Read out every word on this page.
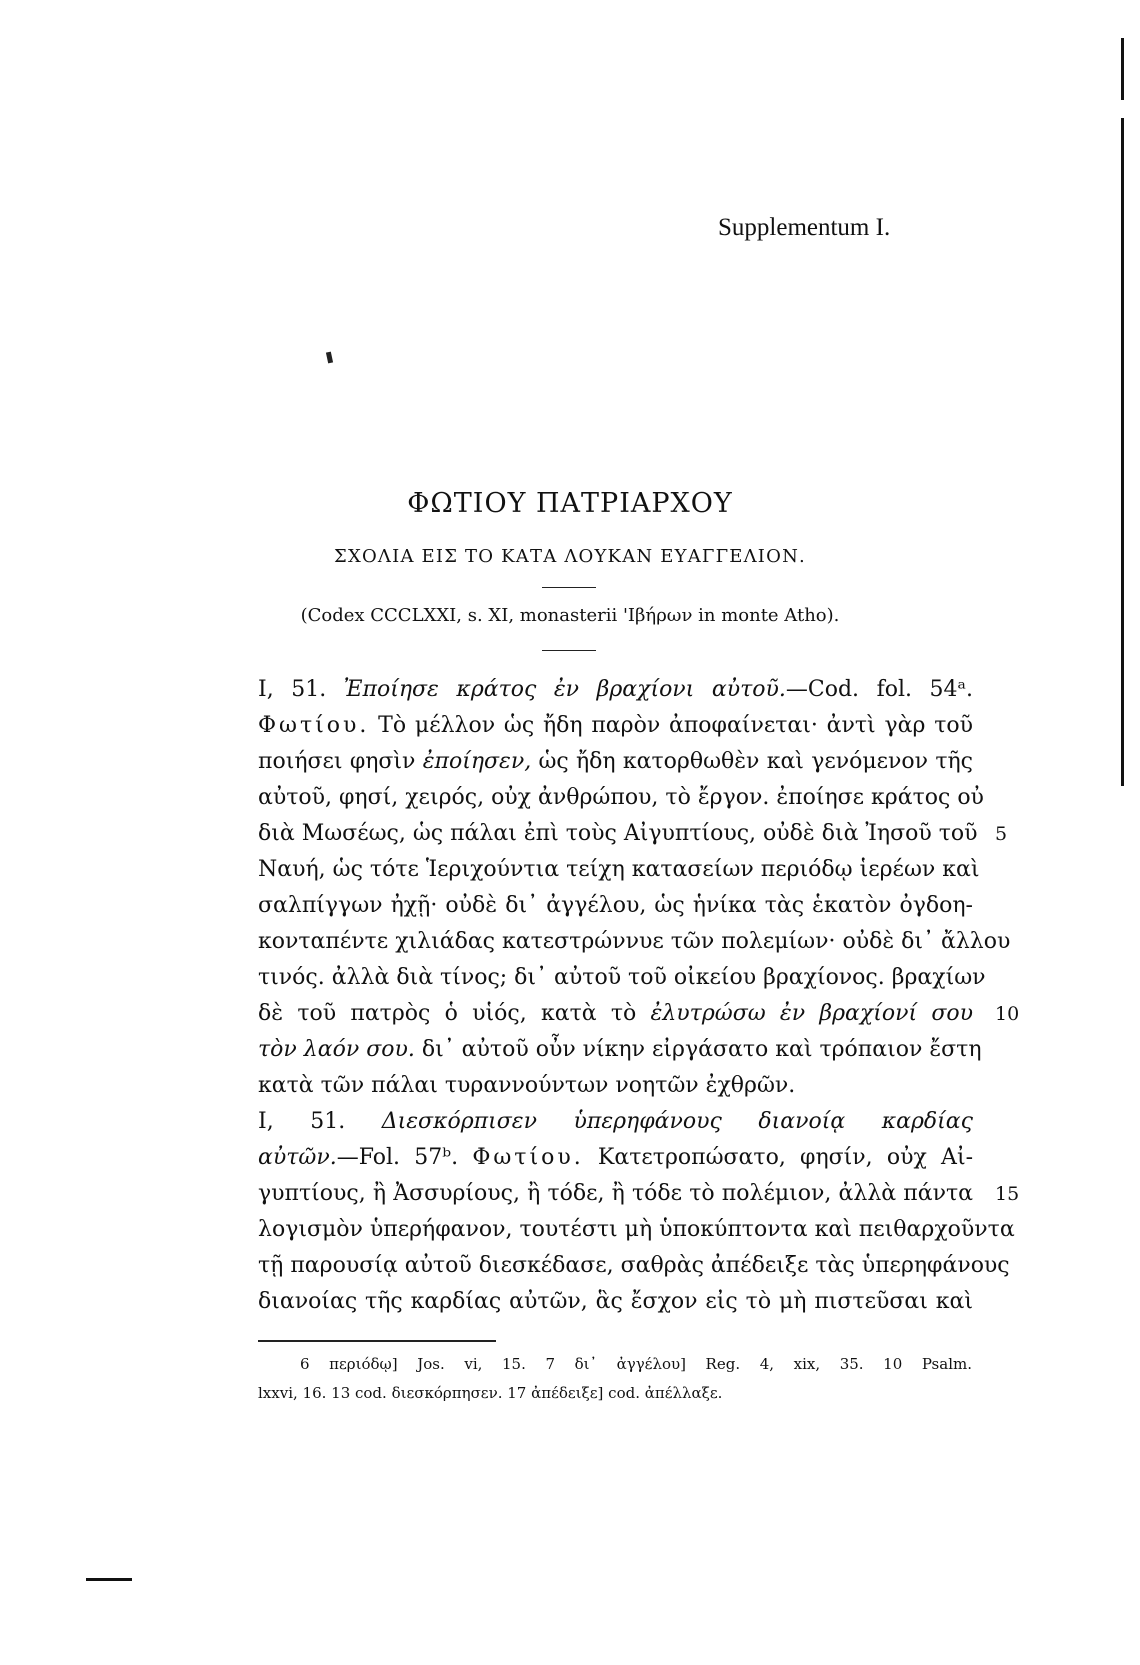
Supplementum I.
ΦΩΤΙΟΥ ΠΑΤΡΙΑΡΧΟΥ
ΣΧΟΛΙΑ ΕΙΣ ΤΟ ΚΑΤΑ ΛΟΥΚΑΝ ΕΥΑΓΓΕΛΙΟΝ.
(Codex CCCLXXI, s. XI, monasterii 'Ιβήρων in monte Atho).
I, 51. Ἐποίησε κράτος ἐν βραχίονι αὐτοῦ.—Cod. fol. 54ᵃ.
Φωτίου. Τὸ μέλλον ὡς ἤδη παρὸν ἀποφαίνεται· ἀντὶ γὰρ τοῦ
ποιήσει φησὶν ἐποίησεν, ὡς ἤδη κατορθωθὲν καὶ γενόμενον τῆς
αὐτοῦ, φησί, χειρός, οὐχ ἀνθρώπου, τὸ ἔργον. ἐποίησε κράτος οὐ
διὰ Μωσέως, ὡς πάλαι ἐπὶ τοὺς Αἰγυπτίους, οὐδὲ διὰ Ἰησοῦ τοῦ
Ναυή, ὡς τότε Ἱεριχούντια τείχη κατασείων περιόδῳ ἱερέων καὶ
σαλπίγγων ἠχῇ· οὐδὲ δι᾽ ἀγγέλου, ὡς ἡνίκα τὰς ἑκατὸν ὀγδοη-
κονταπέντε χιλιάδας κατεστρώννυε τῶν πολεμίων· οὐδὲ δι᾽ ἄλλου
τινός. ἀλλὰ διὰ τίνος; δι᾽ αὐτοῦ τοῦ οἰκείου βραχίονος. βραχίων
δὲ τοῦ πατρὸς ὁ υἱός, κατὰ τὸ ἐλυτρώσω ἐν βραχίονί σου
τὸν λαόν σου. δι᾽ αὐτοῦ οὖν νίκην εἰργάσατο καὶ τρόπαιον ἔστη
κατὰ τῶν πάλαι τυραννούντων νοητῶν ἐχθρῶν.
I, 51. Διεσκόρπισεν ὑπερηφάνους διανοίᾳ καρδίας
αὐτῶν.—Fol. 57ᵇ. Φωτίου. Κατετροπώσατο, φησίν, οὐχ Αἰ-
γυπτίους, ἢ Ἀσσυρίους, ἢ τόδε, ἢ τόδε τὸ πολέμιον, ἀλλὰ πάντα
λογισμὸν ὑπερήφανον, τουτέστι μὴ ὑποκύπτοντα καὶ πειθαρχοῦντα
τῇ παρουσίᾳ αὐτοῦ διεσκέδασε, σαθρὰς ἀπέδειξε τὰς ὑπερηφάνους
διανοίας τῆς καρδίας αὐτῶν, ἃς ἔσχον εἰς τὸ μὴ πιστεῦσαι καὶ
5
10
15
6 περιόδῳ] Jos. vi, 15. 7 δι᾽ ἀγγέλου] Reg. 4, xix, 35. 10 Psalm.
lxxvi, 16. 13 cod. διεσκόρπησεν. 17 ἀπέδειξε] cod. ἀπέλλαξε.
